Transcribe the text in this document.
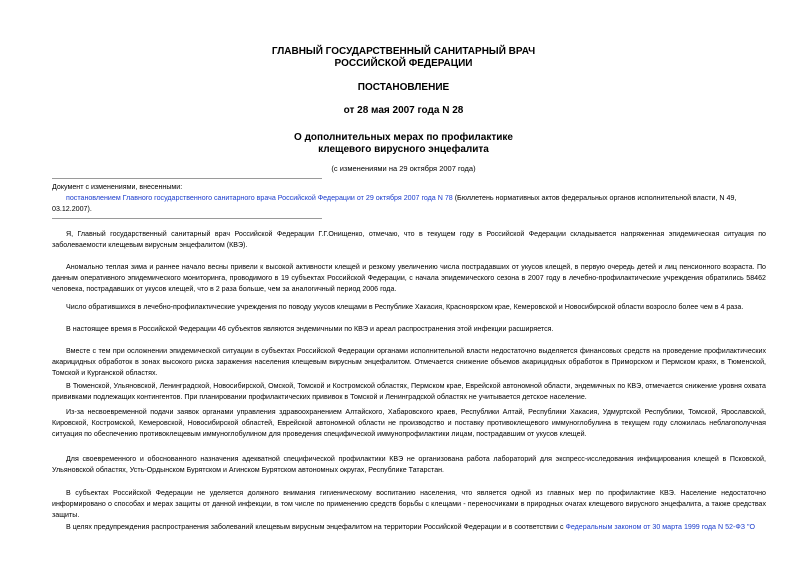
ГЛАВНЫЙ ГОСУДАРСТВЕННЫЙ САНИТАРНЫЙ ВРАЧ
РОССИЙСКОЙ ФЕДЕРАЦИИ
ПОСТАНОВЛЕНИЕ
от 28 мая 2007 года N 28
О дополнительных мерах по профилактике
клещевого вирусного энцефалита
(с изменениями на 29 октября 2007 года)
Документ с изменениями, внесенными:
постановлением Главного государственного санитарного врача Российской Федерации от 29 октября 2007 года N 78 (Бюллетень нормативных актов федеральных органов исполнительной власти, N 49, 03.12.2007).
Я, Главный государственный санитарный врач Российской Федерации Г.Г.Онищенко, отмечаю, что в текущем году в Российской Федерации складывается напряженная эпидемическая ситуация по заболеваемости клещевым вирусным энцефалитом (КВЭ).
Аномально теплая зима и раннее начало весны привели к высокой активности клещей и резкому увеличению числа пострадавших от укусов клещей, в первую очередь детей и лиц пенсионного возраста. По данным оперативного эпидемического мониторинга, проводимого в 19 субъектах Российской Федерации, с начала эпидемического сезона в 2007 году в лечебно-профилактические учреждения обратились 58462 человека, пострадавших от укусов клещей, что в 2 раза больше, чем за аналогичный период 2006 года.
Число обратившихся в лечебно-профилактические учреждения по поводу укусов клещами в Республике Хакасия, Красноярском крае, Кемеровской и Новосибирской области возросло более чем в 4 раза.
В настоящее время в Российской Федерации 46 субъектов являются эндемичными по КВЭ и ареал распространения этой инфекции расширяется.
Вместе с тем при осложнении эпидемической ситуации в субъектах Российской Федерации органами исполнительной власти недостаточно выделяется финансовых средств на проведение профилактических акарицидных обработок в зонах высокого риска заражения населения клещевым вирусным энцефалитом. Отмечается снижение объемов акарицидных обработок в Приморском и Пермском краях, в Тюменской, Томской и Курганской областях.
В Тюменской, Ульяновской, Ленинградской, Новосибирской, Омской, Томской и Костромской областях, Пермском крае, Еврейской автономной области, эндемичных по КВЭ, отмечается снижение уровня охвата прививками подлежащих контингентов. При планировании профилактических прививок в Томской и Ленинградской областях не учитывается детское население.
Из-за несвоевременной подачи заявок органами управления здравоохранением Алтайского, Хабаровского краев, Республики Алтай, Республики Хакасия, Удмуртской Республики, Томской, Ярославской, Кировской, Костромской, Кемеровской, Новосибирской областей, Еврейской автономной области не производство и поставку противоклещевого иммуноглобулина в текущем году сложилась неблагополучная ситуация по обеспечению противоклещевым иммуноглобулином для проведения специфической иммунопрофилактики лицам, пострадавшим от укусов клещей.
Для своевременного и обоснованного назначения адекватной специфической профилактики КВЭ не организована работа лабораторий для экспресс-исследования инфицирования клещей в Псковской, Ульяновской областях, Усть-Ордынском Бурятском и Агинском Бурятском автономных округах, Республике Татарстан.
В субъектах Российской Федерации не уделяется должного внимания гигиеническому воспитанию населения, что является одной из главных мер по профилактике КВЭ. Население недостаточно информировано о способах и мерах защиты от данной инфекции, в том числе по применению средств борьбы с клещами - переносчиками в природных очагах клещевого вирусного энцефалита, а также средствах защиты.
В целях предупреждения распространения заболеваний клещевым вирусным энцефалитом на территории Российской Федерации и в соответствии с Федеральным законом от 30 марта 1999 года N 52-ФЗ "О
